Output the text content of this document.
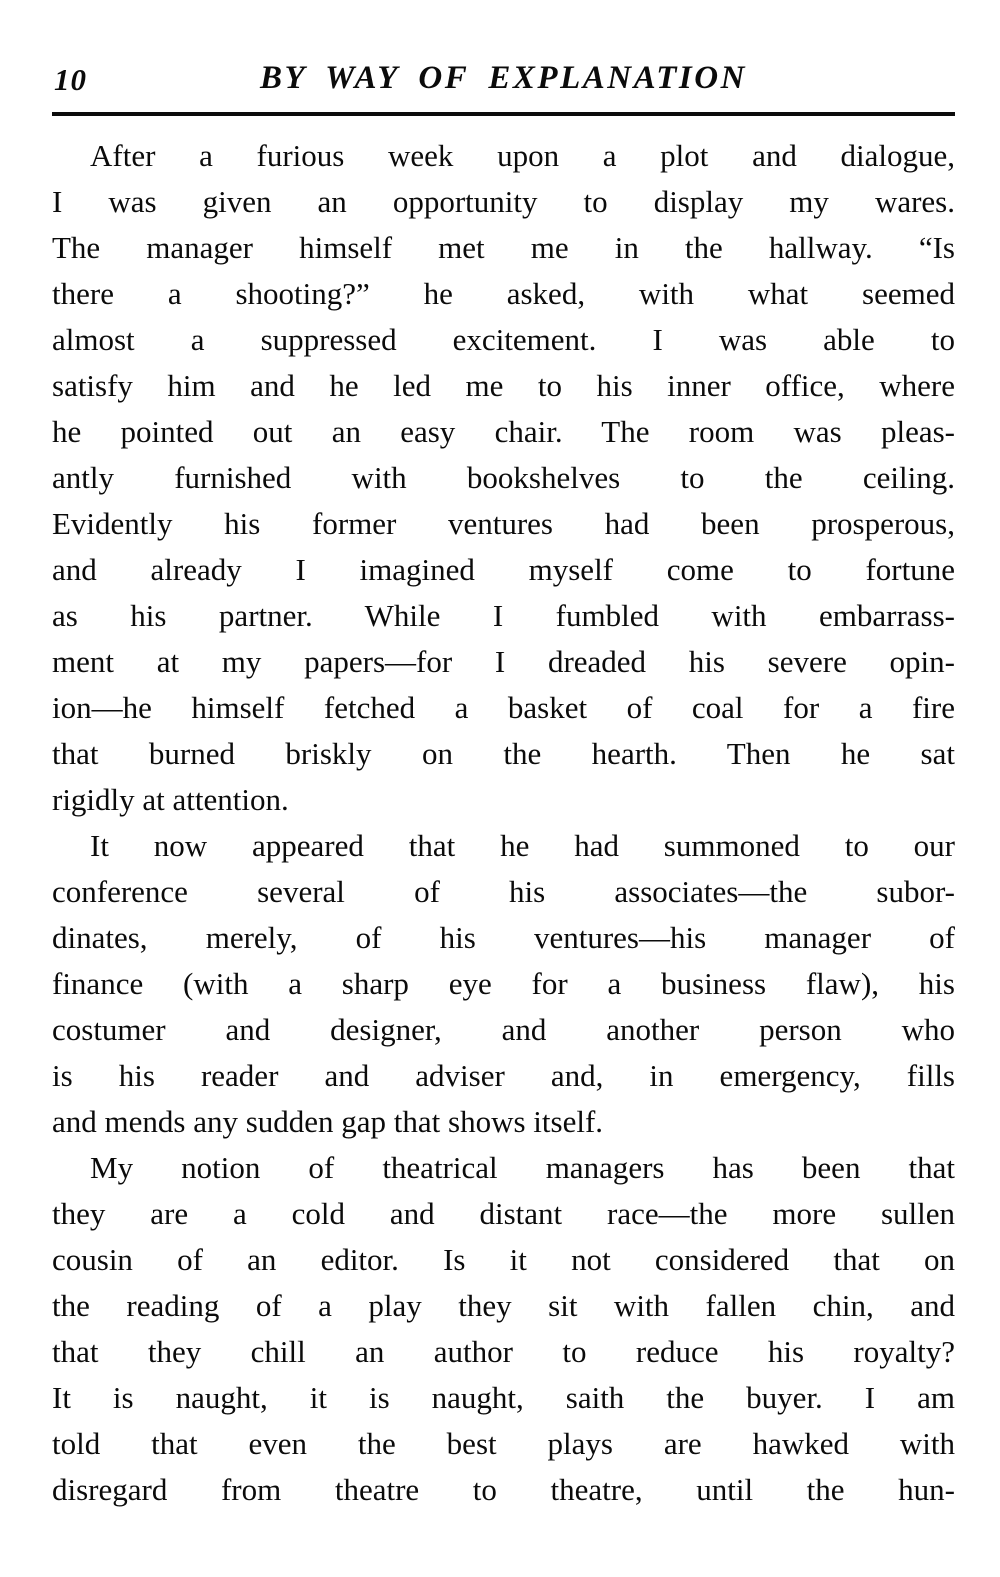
10	BY WAY OF EXPLANATION
After a furious week upon a plot and dialogue,
I was given an opportunity to display my wares.
The manager himself met me in the hallway. “Is
there a shooting?” he asked, with what seemed
almost a suppressed excitement. I was able to
satisfy him and he led me to his inner office, where
he pointed out an easy chair. The room was pleas-
antly furnished with bookshelves to the ceiling.
Evidently his former ventures had been prosperous,
and already I imagined myself come to fortune
as his partner. While I fumbled with embarrass-
ment at my papers—for I dreaded his severe opin-
ion—he himself fetched a basket of coal for a fire
that burned briskly on the hearth. Then he sat
rigidly at attention.
It now appeared that he had summoned to our
conference several of his associates—the subor-
dinates, merely, of his ventures—his manager of
finance (with a sharp eye for a business flaw), his
costumer and designer, and another person who
is his reader and adviser and, in emergency, fills
and mends any sudden gap that shows itself.
My notion of theatrical managers has been that
they are a cold and distant race—the more sullen
cousin of an editor. Is it not considered that on
the reading of a play they sit with fallen chin, and
that they chill an author to reduce his royalty?
It is naught, it is naught, saith the buyer. I am
told that even the best plays are hawked with
disregard from theatre to theatre, until the hun-
